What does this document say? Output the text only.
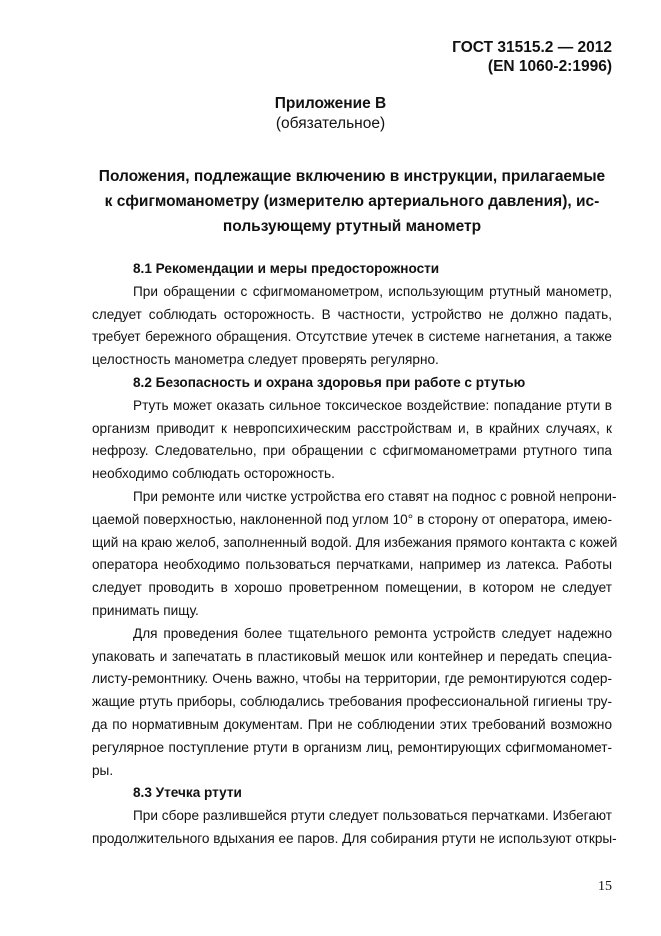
ГОСТ 31515.2 — 2012
(EN 1060-2:1996)
Приложение В
(обязательное)
Положения, подлежащие включению в инструкции, прилагаемые
к сфигмоманометру (измерителю артериального давления), ис-
пользующему ртутный манометр
8.1 Рекомендации и меры предосторожности
При обращении с сфигмоманометром, использующим ртутный манометр,
следует соблюдать осторожность. В частности, устройство не должно падать,
требует бережного обращения. Отсутствие утечек в системе нагнетания, а также
целостность манометра следует проверять регулярно.
8.2 Безопасность и охрана здоровья при работе с ртутью
Ртуть может оказать сильное токсическое воздействие: попадание ртути в
организм приводит к невропсихическим расстройствам и, в крайних случаях, к
нефрозу. Следовательно, при обращении с сфигмоманометрами ртутного типа
необходимо соблюдать осторожность.
При ремонте или чистке устройства его ставят на поднос с ровной непрони-
цаемой поверхностью, наклоненной под углом 10° в сторону от оператора, имею-
щий на краю желоб, заполненный водой. Для избежания прямого контакта с кожей
оператора необходимо пользоваться перчатками, например из латекса. Работы
следует проводить в хорошо проветренном помещении, в котором не следует
принимать пищу.
Для проведения более тщательного ремонта устройств следует надежно
упаковать и запечатать в пластиковый мешок или контейнер и передать специа-
листу-ремонтнику. Очень важно, чтобы на территории, где ремонтируются содер-
жащие ртуть приборы, соблюдались требования профессиональной гигиены тру-
да по нормативным документам. При не соблюдении этих требований возможно
регулярное поступление ртути в организм лиц, ремонтирующих сфигмоманомет-
ры.
8.3 Утечка ртути
При сборе разлившейся ртути следует пользоваться перчатками. Избегают
продолжительного вдыхания ее паров. Для собирания ртути не используют откры-
15
